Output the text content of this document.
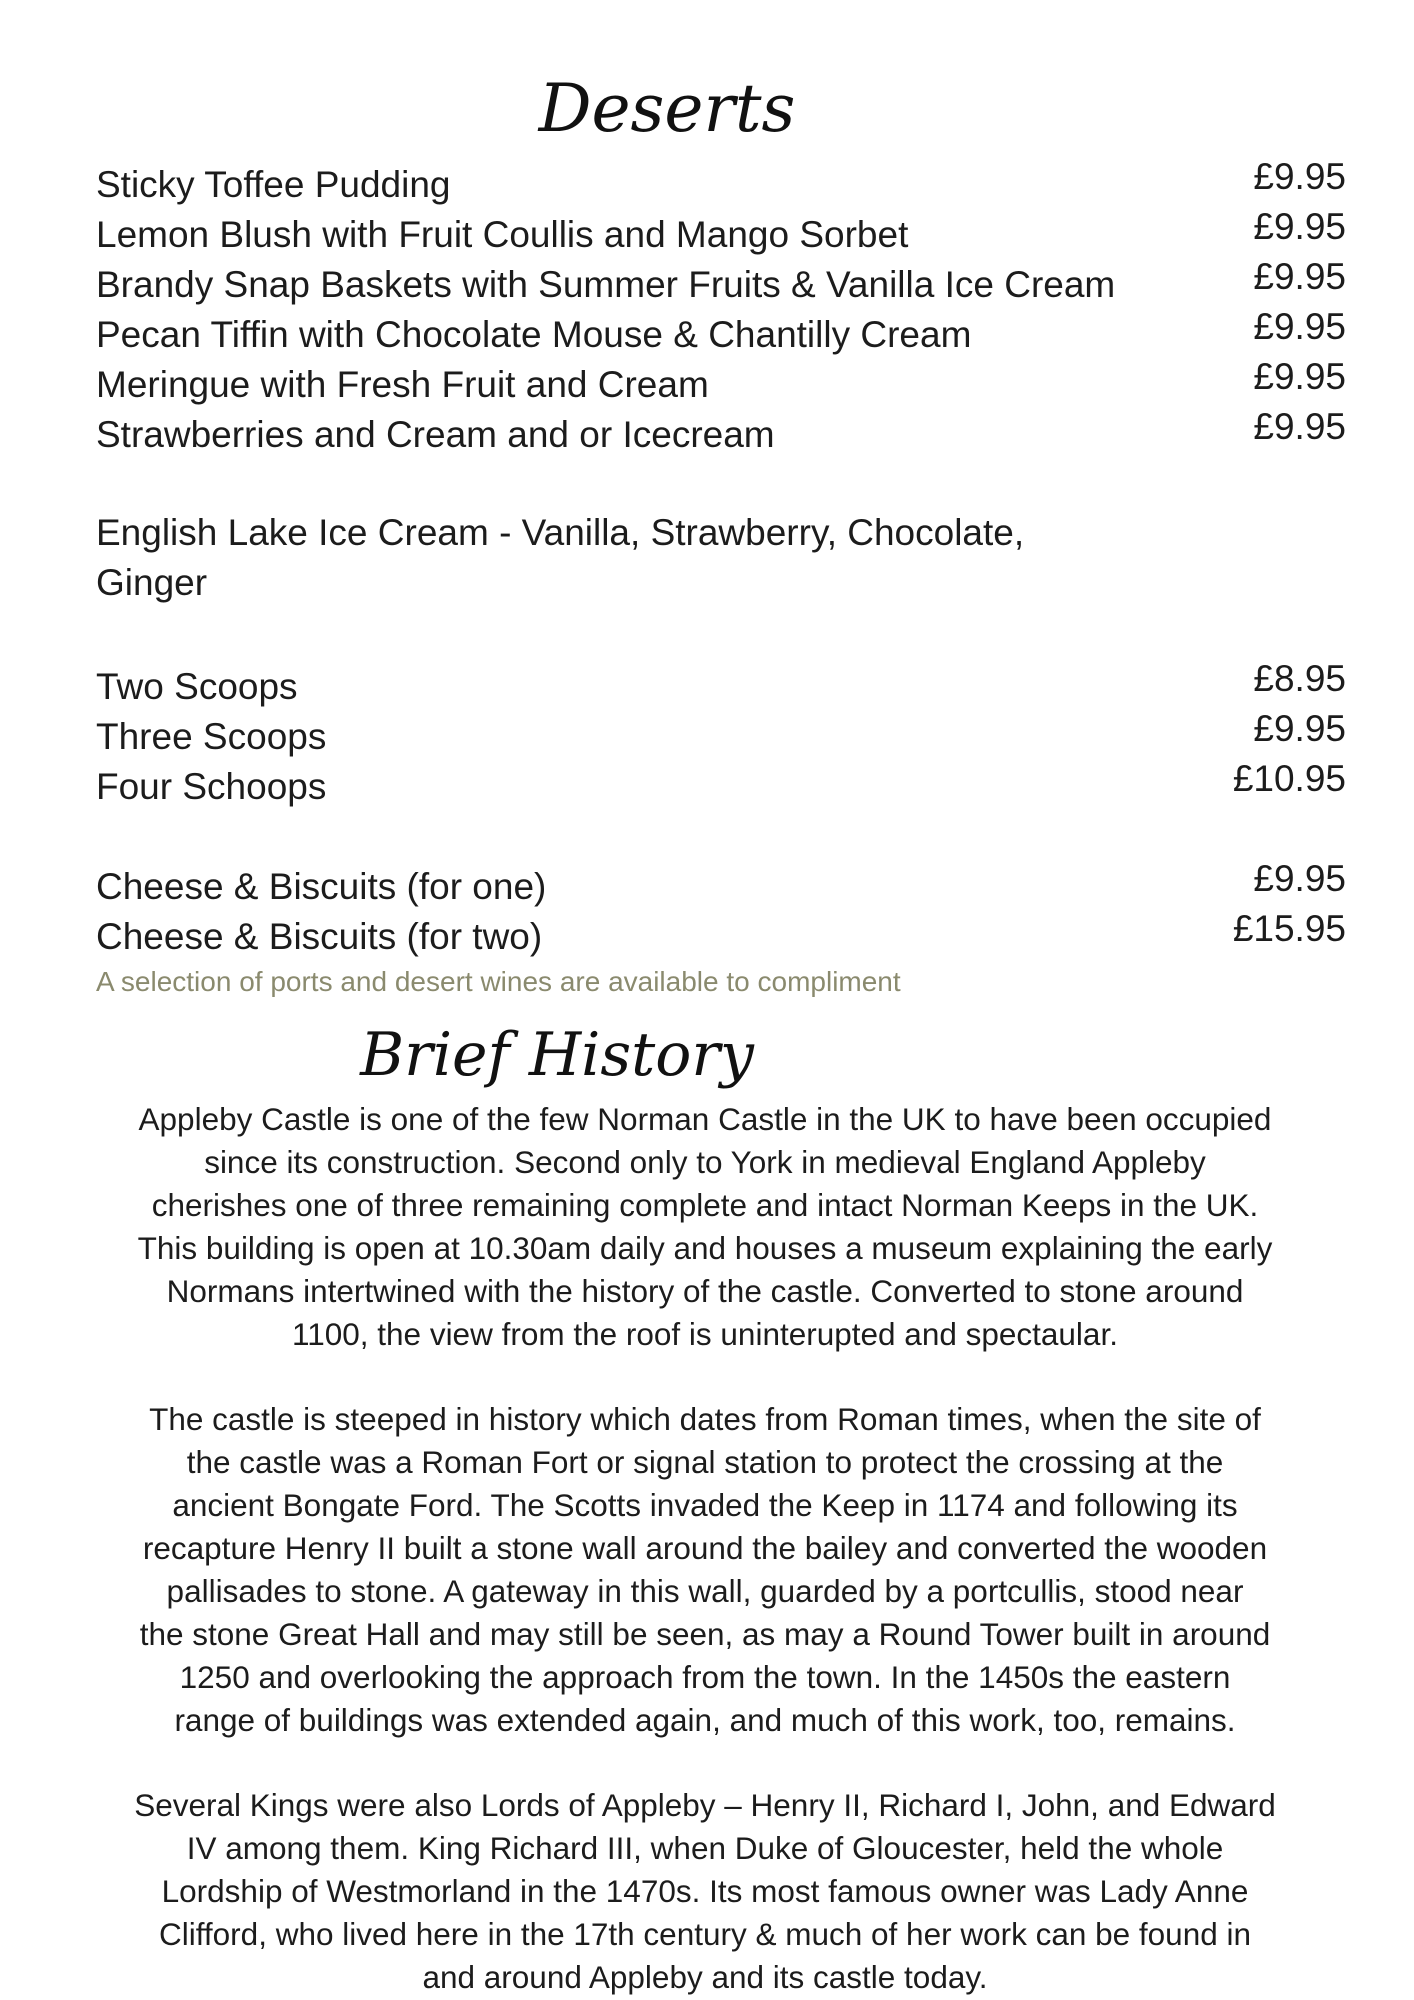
Deserts
Sticky Toffee Pudding	£9.95
Lemon Blush with Fruit Coullis and Mango Sorbet	£9.95
Brandy Snap Baskets with Summer Fruits & Vanilla Ice Cream	£9.95
Pecan Tiffin with Chocolate Mouse & Chantilly Cream	£9.95
Meringue with Fresh Fruit and Cream	£9.95
Strawberries and Cream and or Icecream	£9.95
English Lake Ice Cream - Vanilla, Strawberry, Chocolate,
Ginger
Two Scoops	£8.95
Three Scoops	£9.95
Four Schoops	£10.95
Cheese & Biscuits (for one)	£9.95
Cheese & Biscuits (for two)	£15.95
A selection of ports and desert wines are available to compliment
Brief History
Appleby Castle is one of the few Norman Castle in the UK to have been occupied
since its construction. Second only to York in medieval England Appleby
cherishes one of three remaining complete and intact Norman Keeps in the UK.
This building is open at 10.30am daily and houses a museum explaining the early
Normans intertwined with the history of the castle. Converted to stone around
1100, the view from the roof is uninterupted and spectaular.
The castle is steeped in history which dates from Roman times, when the site of
the castle was a Roman Fort or signal station to protect the crossing at the
ancient Bongate Ford. The Scotts invaded the Keep in 1174 and following its
recapture Henry II built a stone wall around the bailey and converted the wooden
pallisades to stone. A gateway in this wall, guarded by a portcullis, stood near
the stone Great Hall and may still be seen, as may a Round Tower built in around
1250 and overlooking the approach from the town. In the 1450s the eastern
range of buildings was extended again, and much of this work, too, remains.
Several Kings were also Lords of Appleby – Henry II, Richard I, John, and Edward
IV among them. King Richard III, when Duke of Gloucester, held the whole
Lordship of Westmorland in the 1470s. Its most famous owner was Lady Anne
Clifford, who lived here in the 17th century & much of her work can be found in
and around Appleby and its castle today.
